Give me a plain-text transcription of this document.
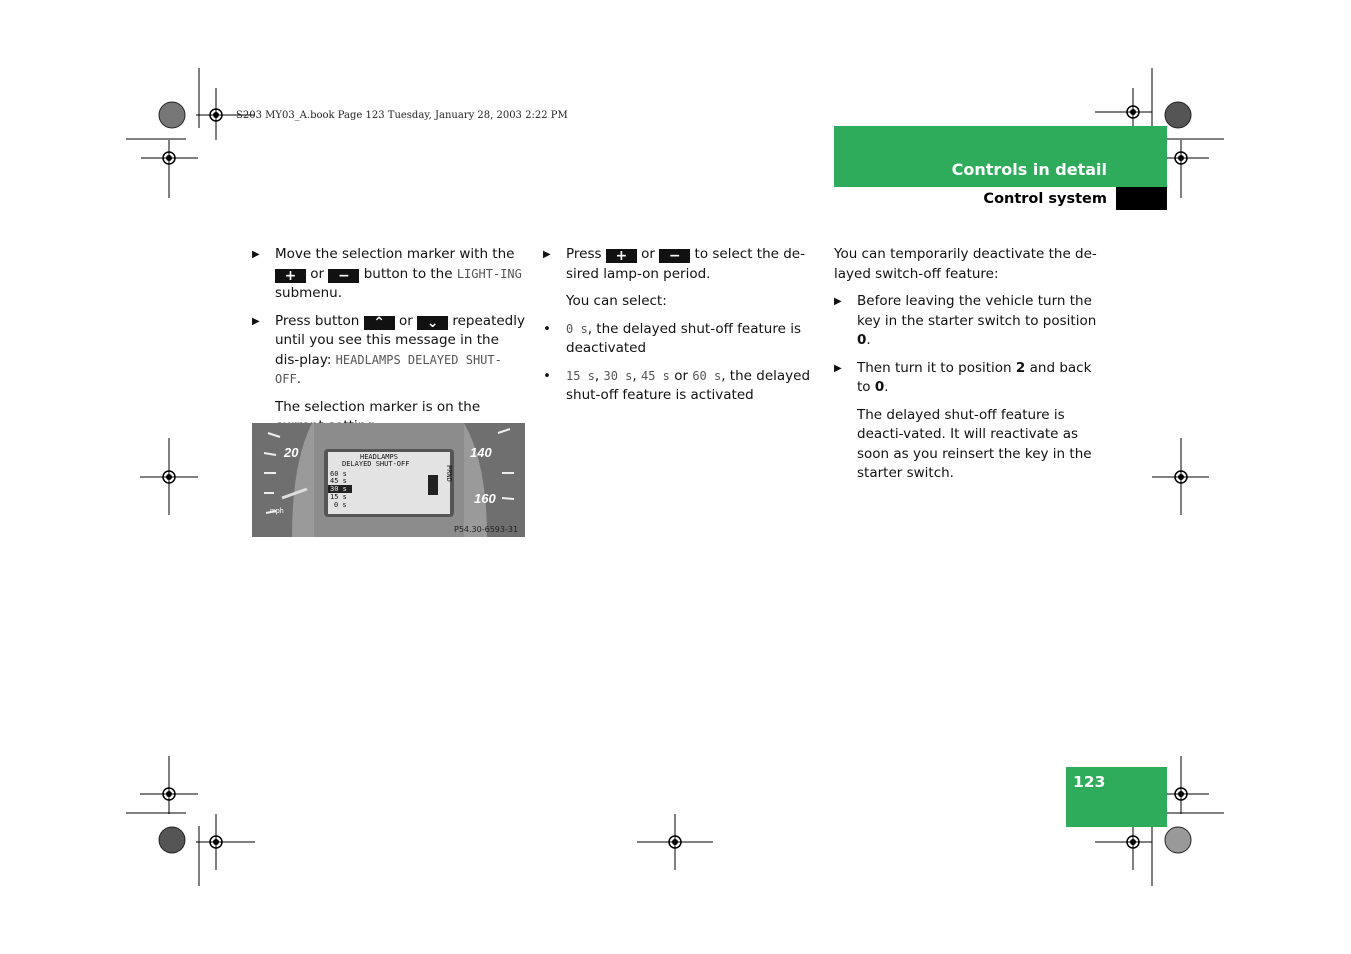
S203 MY03_A.book Page 123 Tuesday, January 28, 2003 2:22 PM
Controls in detail
Control system

▶ Move the selection marker with the + or − button to the LIGHT-ING submenu.

▶ Press button ⌃ or ⌄ repeatedly until you see this message in the dis-play: HEADLAMPS DELAYED SHUT-OFF.

The selection marker is on the

20	140
160
mph
HEADLAMPS
DELAYED SHUT-OFF
60 s
45 s
30 s
15 s
0 s
PRND
P54.30-6593-31

▶ Press + or − to select the de-sired lamp-on period.

You can select:

• 0 s, the delayed shut-off feature is deactivated

• 15 s, 30 s, 45 s or 60 s, the delayed shut-off feature is activated

You can temporarily deactivate the de-layed switch-off feature:

▶ Before leaving the vehicle turn the key in the starter switch to position 0.

▶ Then turn it to position 2 and back to 0.

The delayed shut-off feature is deacti-vated. It will reactivate as soon as you reinsert the key in the starter switch.

123
